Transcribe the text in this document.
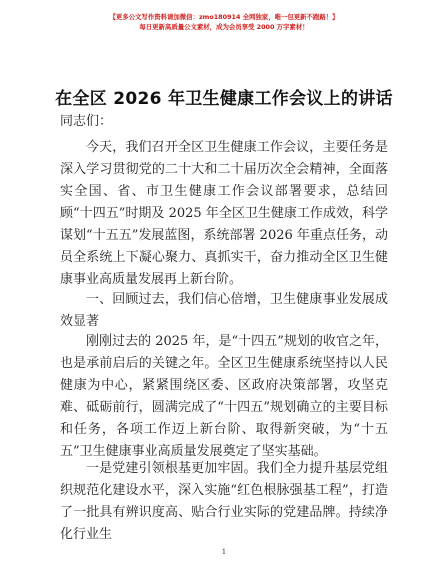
【更多公文写作资料请加微信：zmo180914 全网独家，唯一包更新不跑路！】
每日更新高质量公文素材，成为会员享受 2000 万字素材！
在全区 2026 年卫生健康工作会议上的讲话
同志们：

今天，我们召开全区卫生健康工作会议，主要任务是深入学习贯彻党的二十大和二十届历次全会精神，全面落实全国、省、市卫生健康工作会议部署要求，总结回顾“十四五”时期及 2025 年全区卫生健康工作成效，科学谋划“十五五”发展蓝图，系统部署 2026 年重点任务，动员全系统上下凝心聚力、真抓实干，奋力推动全区卫生健康事业高质量发展再上新台阶。

一、回顾过去，我们信心倍增，卫生健康事业发展成效显著

刚刚过去的 2025 年，是“十四五”规划的收官之年，也是承前启后的关键之年。全区卫生健康系统坚持以人民健康为中心，紧紧围绕区委、区政府决策部署，攻坚克难、砥砺前行，圆满完成了“十四五”规划确立的主要目标和任务，各项工作迈上新台阶、取得新突破，为“十五五”卫生健康事业高质量发展奠定了坚实基础。

一是党建引领根基更加牢固。我们全力提升基层党组织规范化建设水平，深入实施“红色根脉强基工程”，打造了一批具有辨识度高、贴合行业实际的党建品牌。持续净化行业生

1
